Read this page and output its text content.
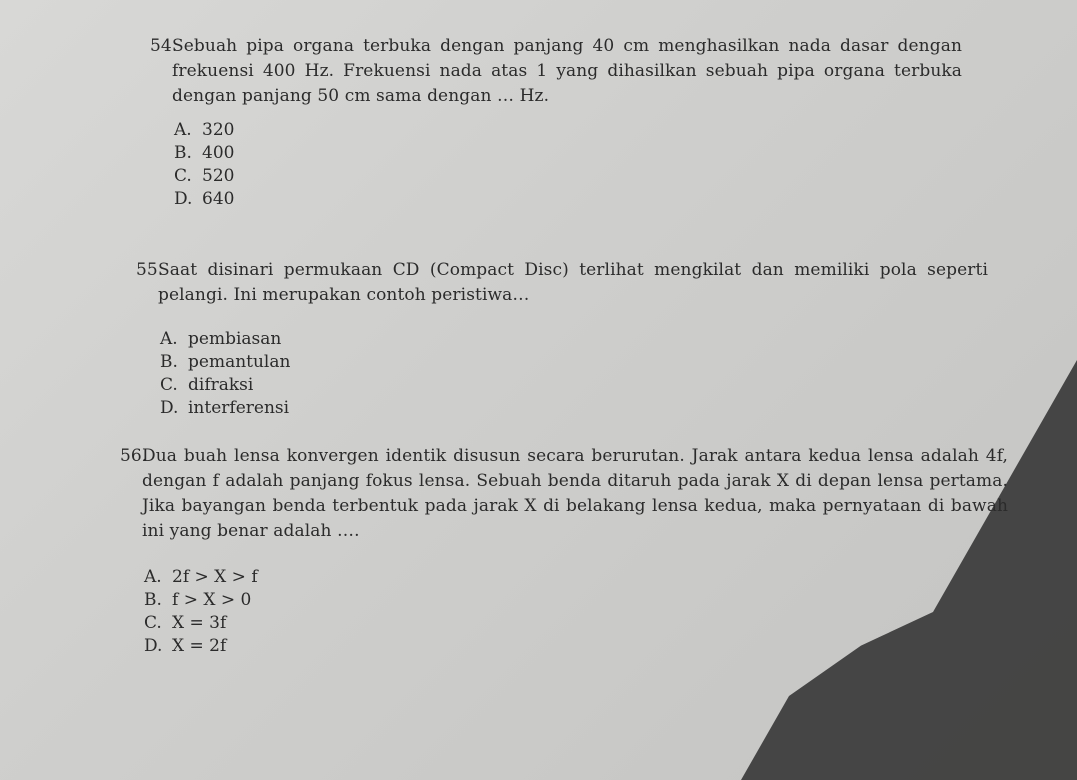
54.
Sebuah pipa organa terbuka dengan panjang 40 cm menghasilkan nada dasar dengan frekuensi 400 Hz. Frekuensi nada atas 1 yang dihasilkan sebuah pipa organa terbuka dengan panjang 50 cm sama dengan … Hz.
A. 320
B. 400
C. 520
D. 640
55.
Saat disinari permukaan CD (Compact Disc) terlihat mengkilat dan memiliki pola seperti pelangi. Ini merupakan contoh peristiwa…
A. pembiasan
B. pemantulan
C. difraksi
D. interferensi
56.
Dua buah lensa konvergen identik disusun secara berurutan. Jarak antara kedua lensa adalah 4f, dengan f adalah panjang fokus lensa. Sebuah benda ditaruh pada jarak X di depan lensa pertama. Jika bayangan benda terbentuk pada jarak X di belakang lensa kedua, maka pernyataan di bawah ini yang benar adalah ….
A. 2f > X > f
B. f > X > 0
C. X = 3f
D. X = 2f
